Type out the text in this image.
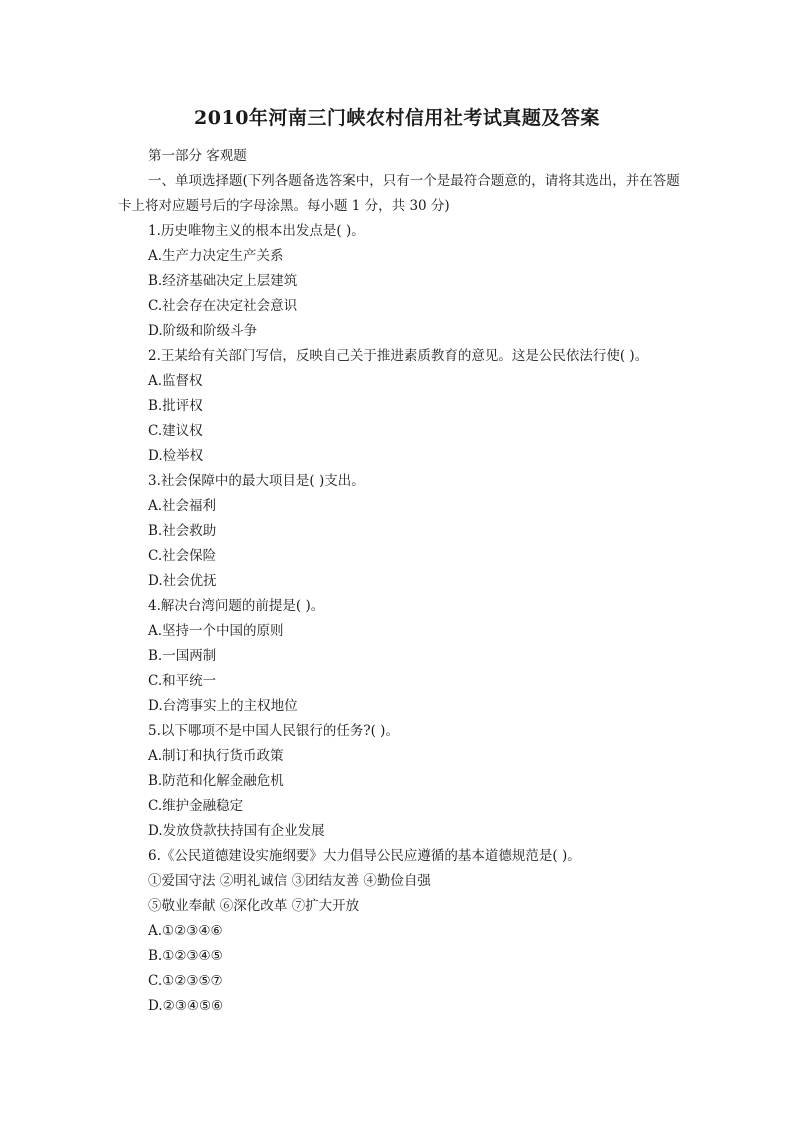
2010年河南三门峡农村信用社考试真题及答案
第一部分 客观题
一、单项选择题(下列各题备选答案中，只有一个是最符合题意的，请将其选出，并在答题卡上将对应题号后的字母涂黑。每小题 1 分，共 30 分)
1.历史唯物主义的根本出发点是( )。
A.生产力决定生产关系
B.经济基础决定上层建筑
C.社会存在决定社会意识
D.阶级和阶级斗争
2.王某给有关部门写信，反映自己关于推进素质教育的意见。这是公民依法行使( )。
A.监督权
B.批评权
C.建议权
D.检举权
3.社会保障中的最大项目是( )支出。
A.社会福利
B.社会救助
C.社会保险
D.社会优抚
4.解决台湾问题的前提是( )。
A.坚持一个中国的原则
B.一国两制
C.和平统一
D.台湾事实上的主权地位
5.以下哪项不是中国人民银行的任务?( )。
A.制订和执行货币政策
B.防范和化解金融危机
C.维护金融稳定
D.发放贷款扶持国有企业发展
6.《公民道德建设实施纲要》大力倡导公民应遵循的基本道德规范是( )。
①爱国守法 ②明礼诚信 ③团结友善 ④勤俭自强
⑤敬业奉献 ⑥深化改革 ⑦扩大开放
A.①②③④⑥
B.①②③④⑤
C.①②③⑤⑦
D.②③④⑤⑥
